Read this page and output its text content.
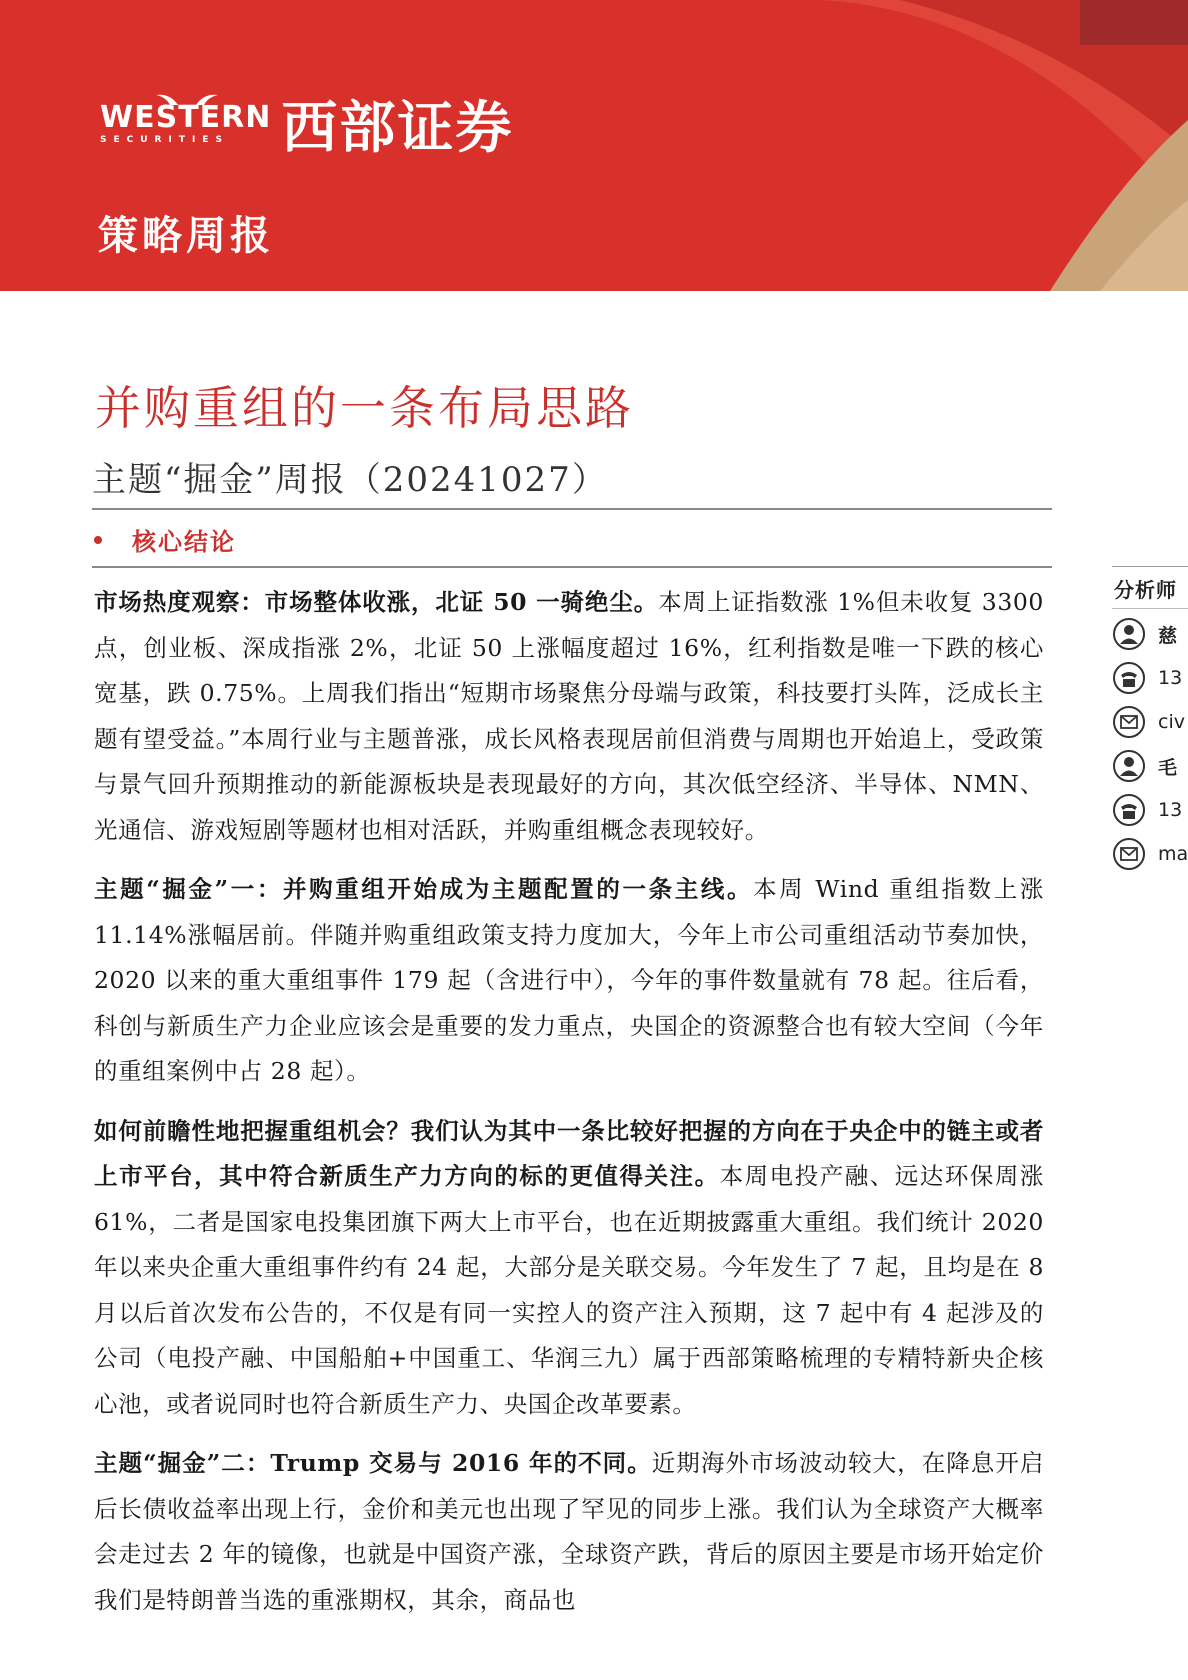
WESTERN
SECURITIES 西部证券
策略周报
并购重组的一条布局思路
主题“掘金”周报（20241027）
核心结论

市场热度观察：市场整体收涨，北证 50 一骑绝尘。本周上证指数涨 1%但未收复 3300 点，创业板、深成指涨 2%，北证 50 上涨幅度超过 16%，红利指数是唯一下跌的核心宽基，跌 0.75%。上周我们指出“短期市场聚焦分母端与政策，科技要打头阵，泛成长主题有望受益。”本周行业与主题普涨，成长风格表现居前但消费与周期也开始追上，受政策与景气回升预期推动的新能源板块是表现最好的方向，其次低空经济、半导体、NMN、光通信、游戏短剧等题材也相对活跃，并购重组概念表现较好。

主题“掘金”一：并购重组开始成为主题配置的一条主线。本周 Wind 重组指数上涨 11.14%涨幅居前。伴随并购重组政策支持力度加大，今年上市公司重组活动节奏加快，2020 以来的重大重组事件 179 起（含进行中），今年的事件数量就有 78 起。往后看，科创与新质生产力企业应该会是重要的发力重点，央国企的资源整合也有较大空间（今年的重组案例中占 28 起）。

如何前瞻性地把握重组机会？我们认为其中一条比较好把握的方向在于央企中的链主或者上市平台，其中符合新质生产力方向的标的更值得关注。本周电投产融、远达环保周涨 61%，二者是国家电投集团旗下两大上市平台，也在近期披露重大重组。我们统计 2020 年以来央企重大重组事件约有 24 起，大部分是关联交易。今年发生了 7 起，且均是在 8 月以后首次发布公告的，不仅是有同一实控人的资产注入预期，这 7 起中有 4 起涉及的公司（电投产融、中国船舶+中国重工、华润三九）属于西部策略梳理的专精特新央企核心池，或者说同时也符合新质生产力、央国企改革要素。

主题“掘金”二：Trump 交易与 2016 年的不同。近期海外市场波动较大，在降息开启后长债收益率出现上行，金价和美元也出现了罕见的同步上涨。我们认为全球资产大概率会走过去 2 年的镜像，也就是中国资产涨，全球资产跌，背后的原因主要是市场开始定价我们是特朗普当选的重涨期权，其余，商品也

分析师
慈
13
civ
毛
13
ma
